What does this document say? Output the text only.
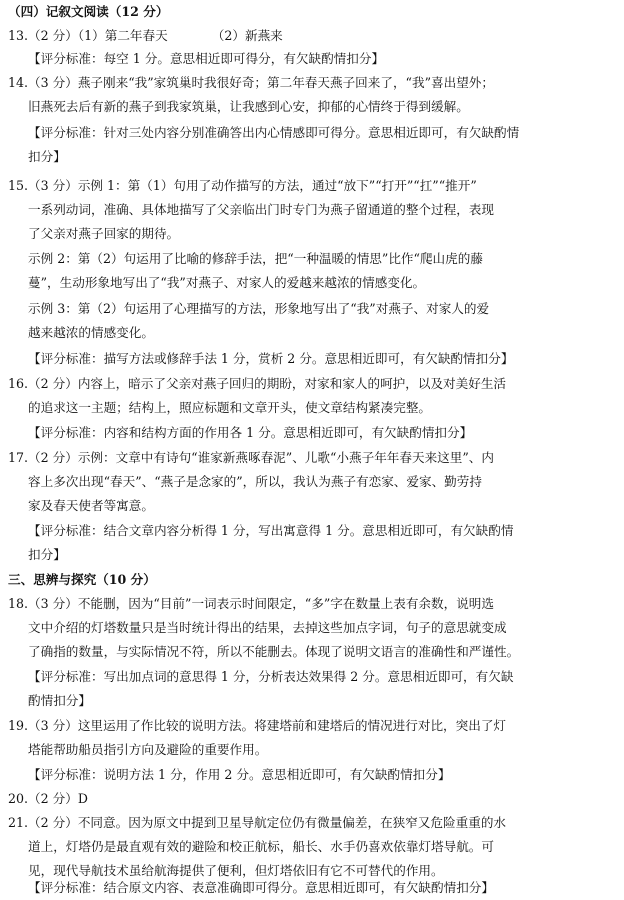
（四）记叙文阅读（12 分）
13.（2 分）（1）第二年春天　　　　（2）新燕来
【评分标准：每空 1 分。意思相近即可得分，有欠缺酌情扣分】
14.（3 分）燕子刚来“我”家筑巢时我很好奇；第二年春天燕子回来了，“我”喜出望外；
旧燕死去后有新的燕子到我家筑巢，让我感到心安，抑郁的心情终于得到缓解。
【评分标准：针对三处内容分别准确答出内心情感即可得分。意思相近即可，有欠缺酌情
扣分】
15.（3 分）示例 1：第（1）句用了动作描写的方法，通过“放下”“打开”“扛”“推开”
一系列动词，准确、具体地描写了父亲临出门时专门为燕子留通道的整个过程，表现
了父亲对燕子回家的期待。
示例 2：第（2）句运用了比喻的修辞手法，把“一种温暖的情思”比作“爬山虎的藤
蔓”，生动形象地写出了“我”对燕子、对家人的爱越来越浓的情感变化。
示例 3：第（2）句运用了心理描写的方法，形象地写出了“我”对燕子、对家人的爱
越来越浓的情感变化。
【评分标准：描写方法或修辞手法 1 分，赏析 2 分。意思相近即可，有欠缺酌情扣分】
16.（2 分）内容上，暗示了父亲对燕子回归的期盼，对家和家人的呵护，以及对美好生活
的追求这一主题；结构上，照应标题和文章开头，使文章结构紧凑完整。
【评分标准：内容和结构方面的作用各 1 分。意思相近即可，有欠缺酌情扣分】
17.（2 分）示例：文章中有诗句“谁家新燕啄春泥”、儿歌“小燕子年年春天来这里”、内
容上多次出现“春天”、“燕子是念家的”，所以，我认为燕子有恋家、爱家、勤劳持
家及春天使者等寓意。
【评分标准：结合文章内容分析得 1 分，写出寓意得 1 分。意思相近即可，有欠缺酌情
扣分】
三、思辨与探究（10 分）
18.（3 分）不能删，因为“目前”一词表示时间限定，“多”字在数量上表有余数，说明选
文中介绍的灯塔数量只是当时统计得出的结果，去掉这些加点字词，句子的意思就变成
了确指的数量，与实际情况不符，所以不能删去。体现了说明文语言的准确性和严谨性。
【评分标准：写出加点词的意思得 1 分，分析表达效果得 2 分。意思相近即可，有欠缺
酌情扣分】
19.（3 分）这里运用了作比较的说明方法。将建塔前和建塔后的情况进行对比，突出了灯
塔能帮助船员指引方向及避险的重要作用。
【评分标准：说明方法 1 分，作用 2 分。意思相近即可，有欠缺酌情扣分】
20.（2 分）D
21.（2 分）不同意。因为原文中提到卫星导航定位仍有微量偏差，在狭窄又危险重重的水
道上，灯塔仍是最直观有效的避险和校正航标，船长、水手仍喜欢依靠灯塔导航。可
见，现代导航技术虽给航海提供了便利，但灯塔依旧有它不可替代的作用。
【评分标准：结合原文内容、表意准确即可得分。意思相近即可，有欠缺酌情扣分】
